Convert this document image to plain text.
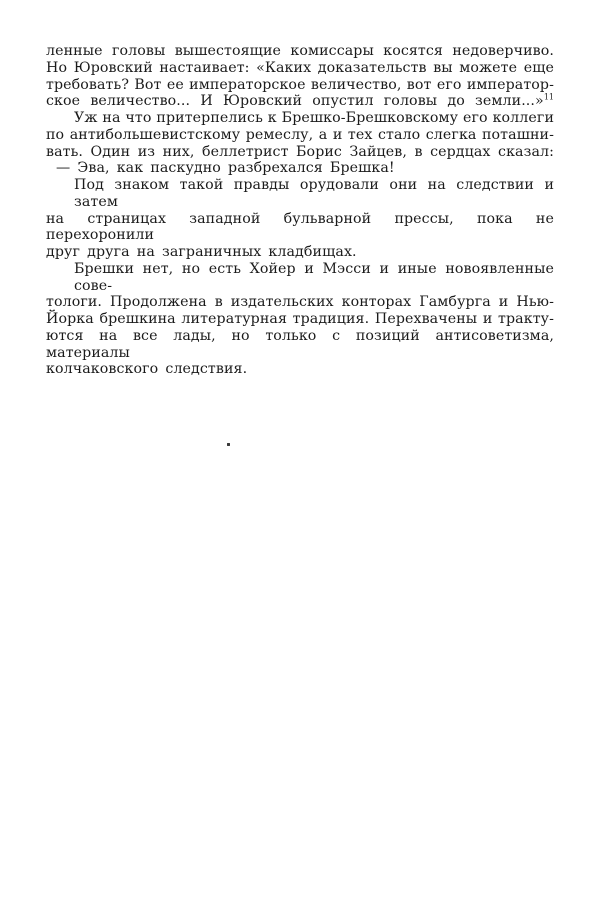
ленные головы вышестоящие комиссары косятся недоверчиво.
Но Юровский настаивает: «Каких доказательств вы можете еще
требовать? Вот ее императорское величество, вот его император-
ское величество... И Юровский опустил головы до земли...»$^{11}$
Уж на что притерпелись к Брешко-Брешковскому его коллеги
по антибольшевистскому ремеслу, а и тех стало слегка поташни-
вать. Один из них, беллетрист Борис Зайцев, в сердцах сказал:
— Эва, как паскудно разбрехался Брешка!
Под знаком такой правды орудовали они на следствии и затем
на страницах западной бульварной прессы, пока не перехоронили
друг друга на заграничных кладбищах.
Брешки нет, но есть Хойер и Мэсси и иные новоявленные сове-
тологи. Продолжена в издательских конторах Гамбурга и Нью-
Йорка брешкина литературная традиция. Перехвачены и тракту-
ются на все лады, но только с позиций антисоветизма, материалы
колчаковского следствия.
